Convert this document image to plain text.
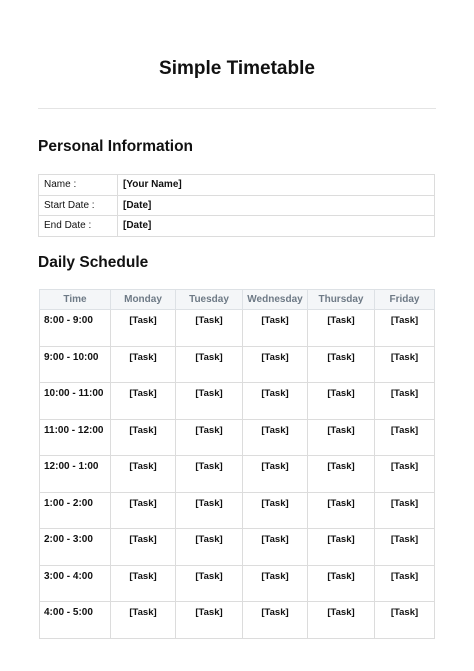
Simple Timetable
Personal Information
Name :	[Your Name]
Start Date :	[Date]
End Date :	[Date]
Daily Schedule
Time	Monday	Tuesday	Wednesday	Thursday	Friday
8:00 - 9:00	[Task]	[Task]	[Task]	[Task]	[Task]
9:00 - 10:00	[Task]	[Task]	[Task]	[Task]	[Task]
10:00 - 11:00	[Task]	[Task]	[Task]	[Task]	[Task]
11:00 - 12:00	[Task]	[Task]	[Task]	[Task]	[Task]
12:00 - 1:00	[Task]	[Task]	[Task]	[Task]	[Task]
1:00 - 2:00	[Task]	[Task]	[Task]	[Task]	[Task]
2:00 - 3:00	[Task]	[Task]	[Task]	[Task]	[Task]
3:00 - 4:00	[Task]	[Task]	[Task]	[Task]	[Task]
4:00 - 5:00	[Task]	[Task]	[Task]	[Task]	[Task]
